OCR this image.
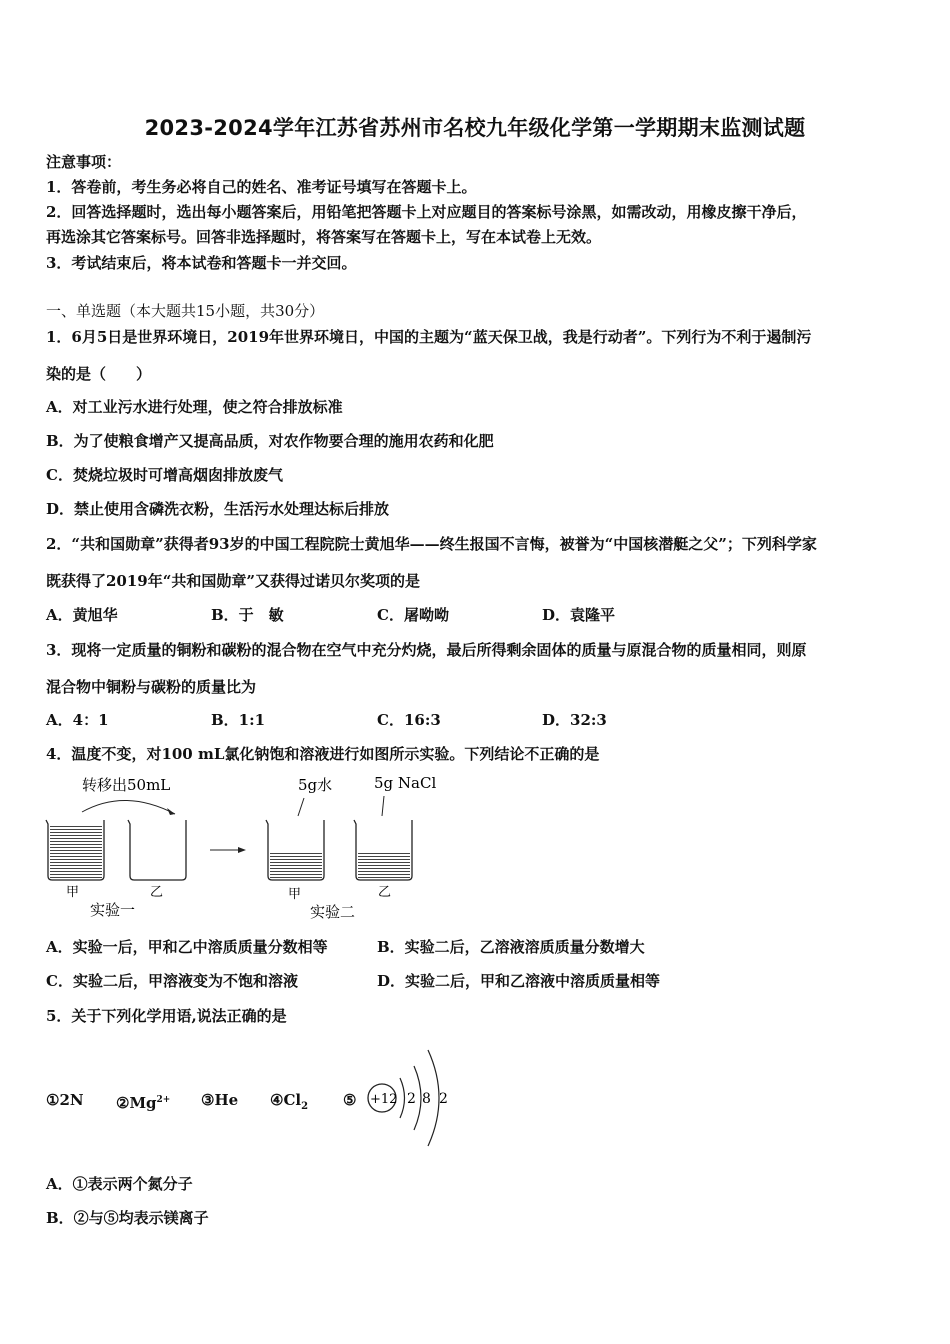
2023-2024学年江苏省苏州市名校九年级化学第一学期期末监测试题
注意事项：
1．答卷前，考生务必将自己的姓名、准考证号填写在答题卡上。
2．回答选择题时，选出每小题答案后，用铅笔把答题卡上对应题目的答案标号涂黑，如需改动，用橡皮擦干净后，
再选涂其它答案标号。回答非选择题时，将答案写在答题卡上，写在本试卷上无效。
3．考试结束后，将本试卷和答题卡一并交回。
一、单选题（本大题共15小题，共30分）
1．6月5日是世界环境日，2019年世界环境日，中国的主题为“蓝天保卫战，我是行动者”。下列行为不利于遏制污
染的是（　　）
A．对工业污水进行处理，使之符合排放标准
B．为了使粮食增产又提高品质，对农作物要合理的施用农药和化肥
C．焚烧垃圾时可增高烟囱排放废气
D．禁止使用含磷洗衣粉，生活污水处理达标后排放
2．“共和国勋章”获得者93岁的中国工程院院士黄旭华——终生报国不言悔，被誉为“中国核潜艇之父”；下列科学家
既获得了2019年“共和国勋章”又获得过诺贝尔奖项的是
A．黄旭华	B．于　敏	C．屠呦呦	D．袁隆平
3．现将一定质量的铜粉和碳粉的混合物在空气中充分灼烧，最后所得剩余固体的质量与原混合物的质量相同，则原
混合物中铜粉与碳粉的质量比为
A．4：1	B．1:1	C．16:3	D．32:3
4．温度不变，对100 mL氯化钠饱和溶液进行如图所示实验。下列结论不正确的是
转移出50mL
甲	乙
实验一
5g水	5g NaCl
甲	乙
实验二
A．实验一后，甲和乙中溶质质量分数相等	B．实验二后，乙溶液溶质质量分数增大
C．实验二后，甲溶液变为不饱和溶液	D．实验二后，甲和乙溶液中溶质质量相等
5．关于下列化学用语,说法正确的是
①2N $②Mg^{2+}$ ③He $④Cl_2$ ⑤ +12 2 8 2
A．①表示两个氮分子
B．②与⑤均表示镁离子
